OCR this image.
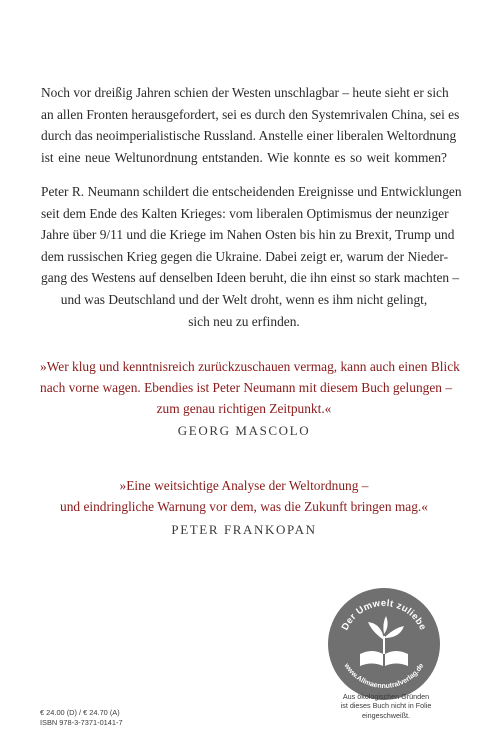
Noch vor dreißig Jahren schien der Westen unschlagbar – heute sieht er sich
an allen Fronten herausgefordert, sei es durch den Systemrivalen China, sei es
durch das neoimperialistische Russland. Anstelle einer liberalen Weltordnung
ist eine neue Weltunordnung entstanden. Wie konnte es so weit kommen?
Peter R. Neumann schildert die entscheidenden Ereignisse und Entwicklungen
seit dem Ende des Kalten Krieges: vom liberalen Optimismus der neunziger
Jahre über 9/11 und die Kriege im Nahen Osten bis hin zu Brexit, Trump und
dem russischen Krieg gegen die Ukraine. Dabei zeigt er, warum der Nieder-
gang des Westens auf denselben Ideen beruht, die ihn einst so stark machten –
und was Deutschland und der Welt droht, wenn es ihm nicht gelingt,
sich neu zu erfinden.
»Wer klug und kenntnisreich zurückzuschauen vermag, kann auch einen Blick
nach vorne wagen. Ebendies ist Peter Neumann mit diesem Buch gelungen –
zum genau richtigen Zeitpunkt.«
GEORG MASCOLO
»Eine weitsichtige Analyse der Weltordnung –
und eindringliche Warnung vor dem, was die Zukunft bringen mag.«
PETER FRANKOPAN
Der Umwelt zuliebe
www.Allmaennutralverlag.de
Aus ökologischen Gründen
ist dieses Buch nicht in Folie
eingeschweißt.
€ 24.00 (D) / € 24.70 (A)
ISBN 978-3-7371-0141-7
